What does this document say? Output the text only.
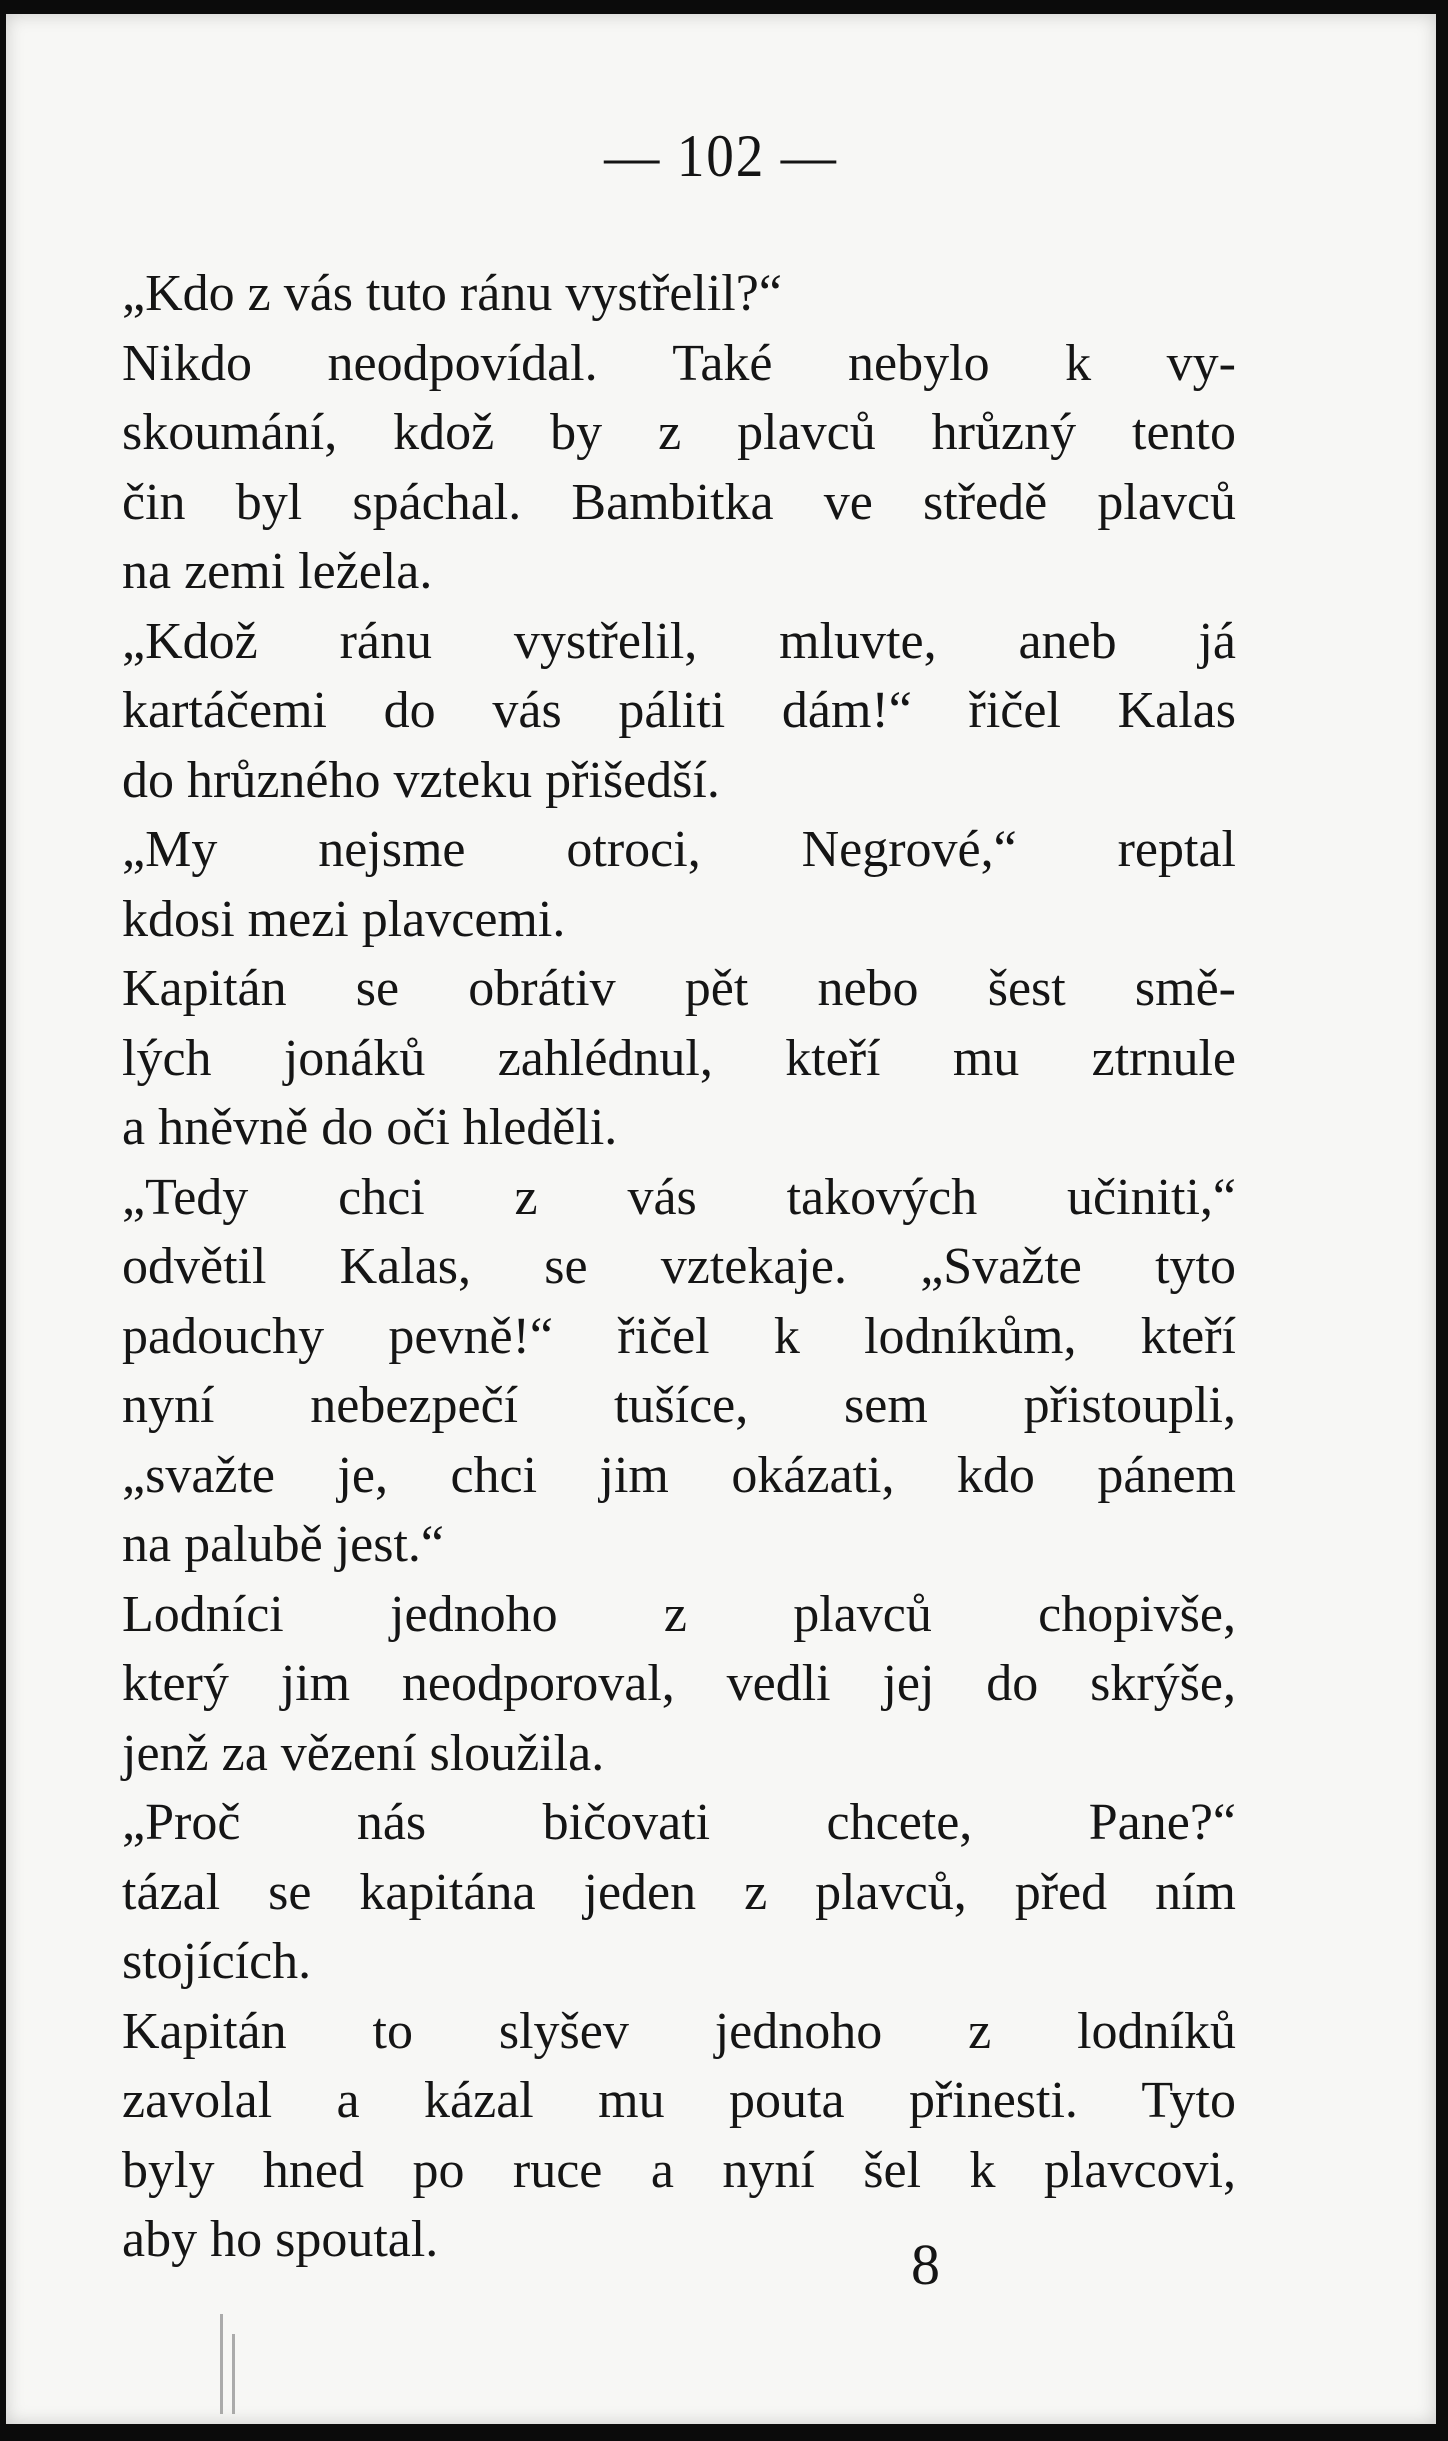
— 102 —
„Kdo z vás tuto ránu vystřelil?“
Nikdo neodpovídal. Také nebylo k vy-
skoumání, kdož by z plavců hrůzný tento
čin byl spáchal. Bambitka ve středě plavců
na zemi ležela.
„Kdož ránu vystřelil, mluvte, aneb já
kartáčemi do vás páliti dám!“ řičel Kalas
do hrůzného vzteku přišedší.
„My nejsme otroci, Negrové,“ reptal
kdosi mezi plavcemi.
Kapitán se obrátiv pět nebo šest smě-
lých jonáků zahlédnul, kteří mu ztrnule
a hněvně do oči hleděli.
„Tedy chci z vás takových učiniti,“
odvětil Kalas, se vztekaje. „Svažte tyto
padouchy pevně!“ řičel k lodníkům, kteří
nyní nebezpečí tušíce, sem přistoupli,
„svažte je, chci jim okázati, kdo pánem
na palubě jest.“
Lodníci jednoho z plavců chopivše,
který jim neodporoval, vedli jej do skrýše,
jenž za vězení sloužila.
„Proč nás bičovati chcete, Pane?“
tázal se kapitána jeden z plavců, před ním
stojících.
Kapitán to slyšev jednoho z lodníků
zavolal a kázal mu pouta přinesti. Tyto
byly hned po ruce a nyní šel k plavcovi,
aby ho spoutal.	8
